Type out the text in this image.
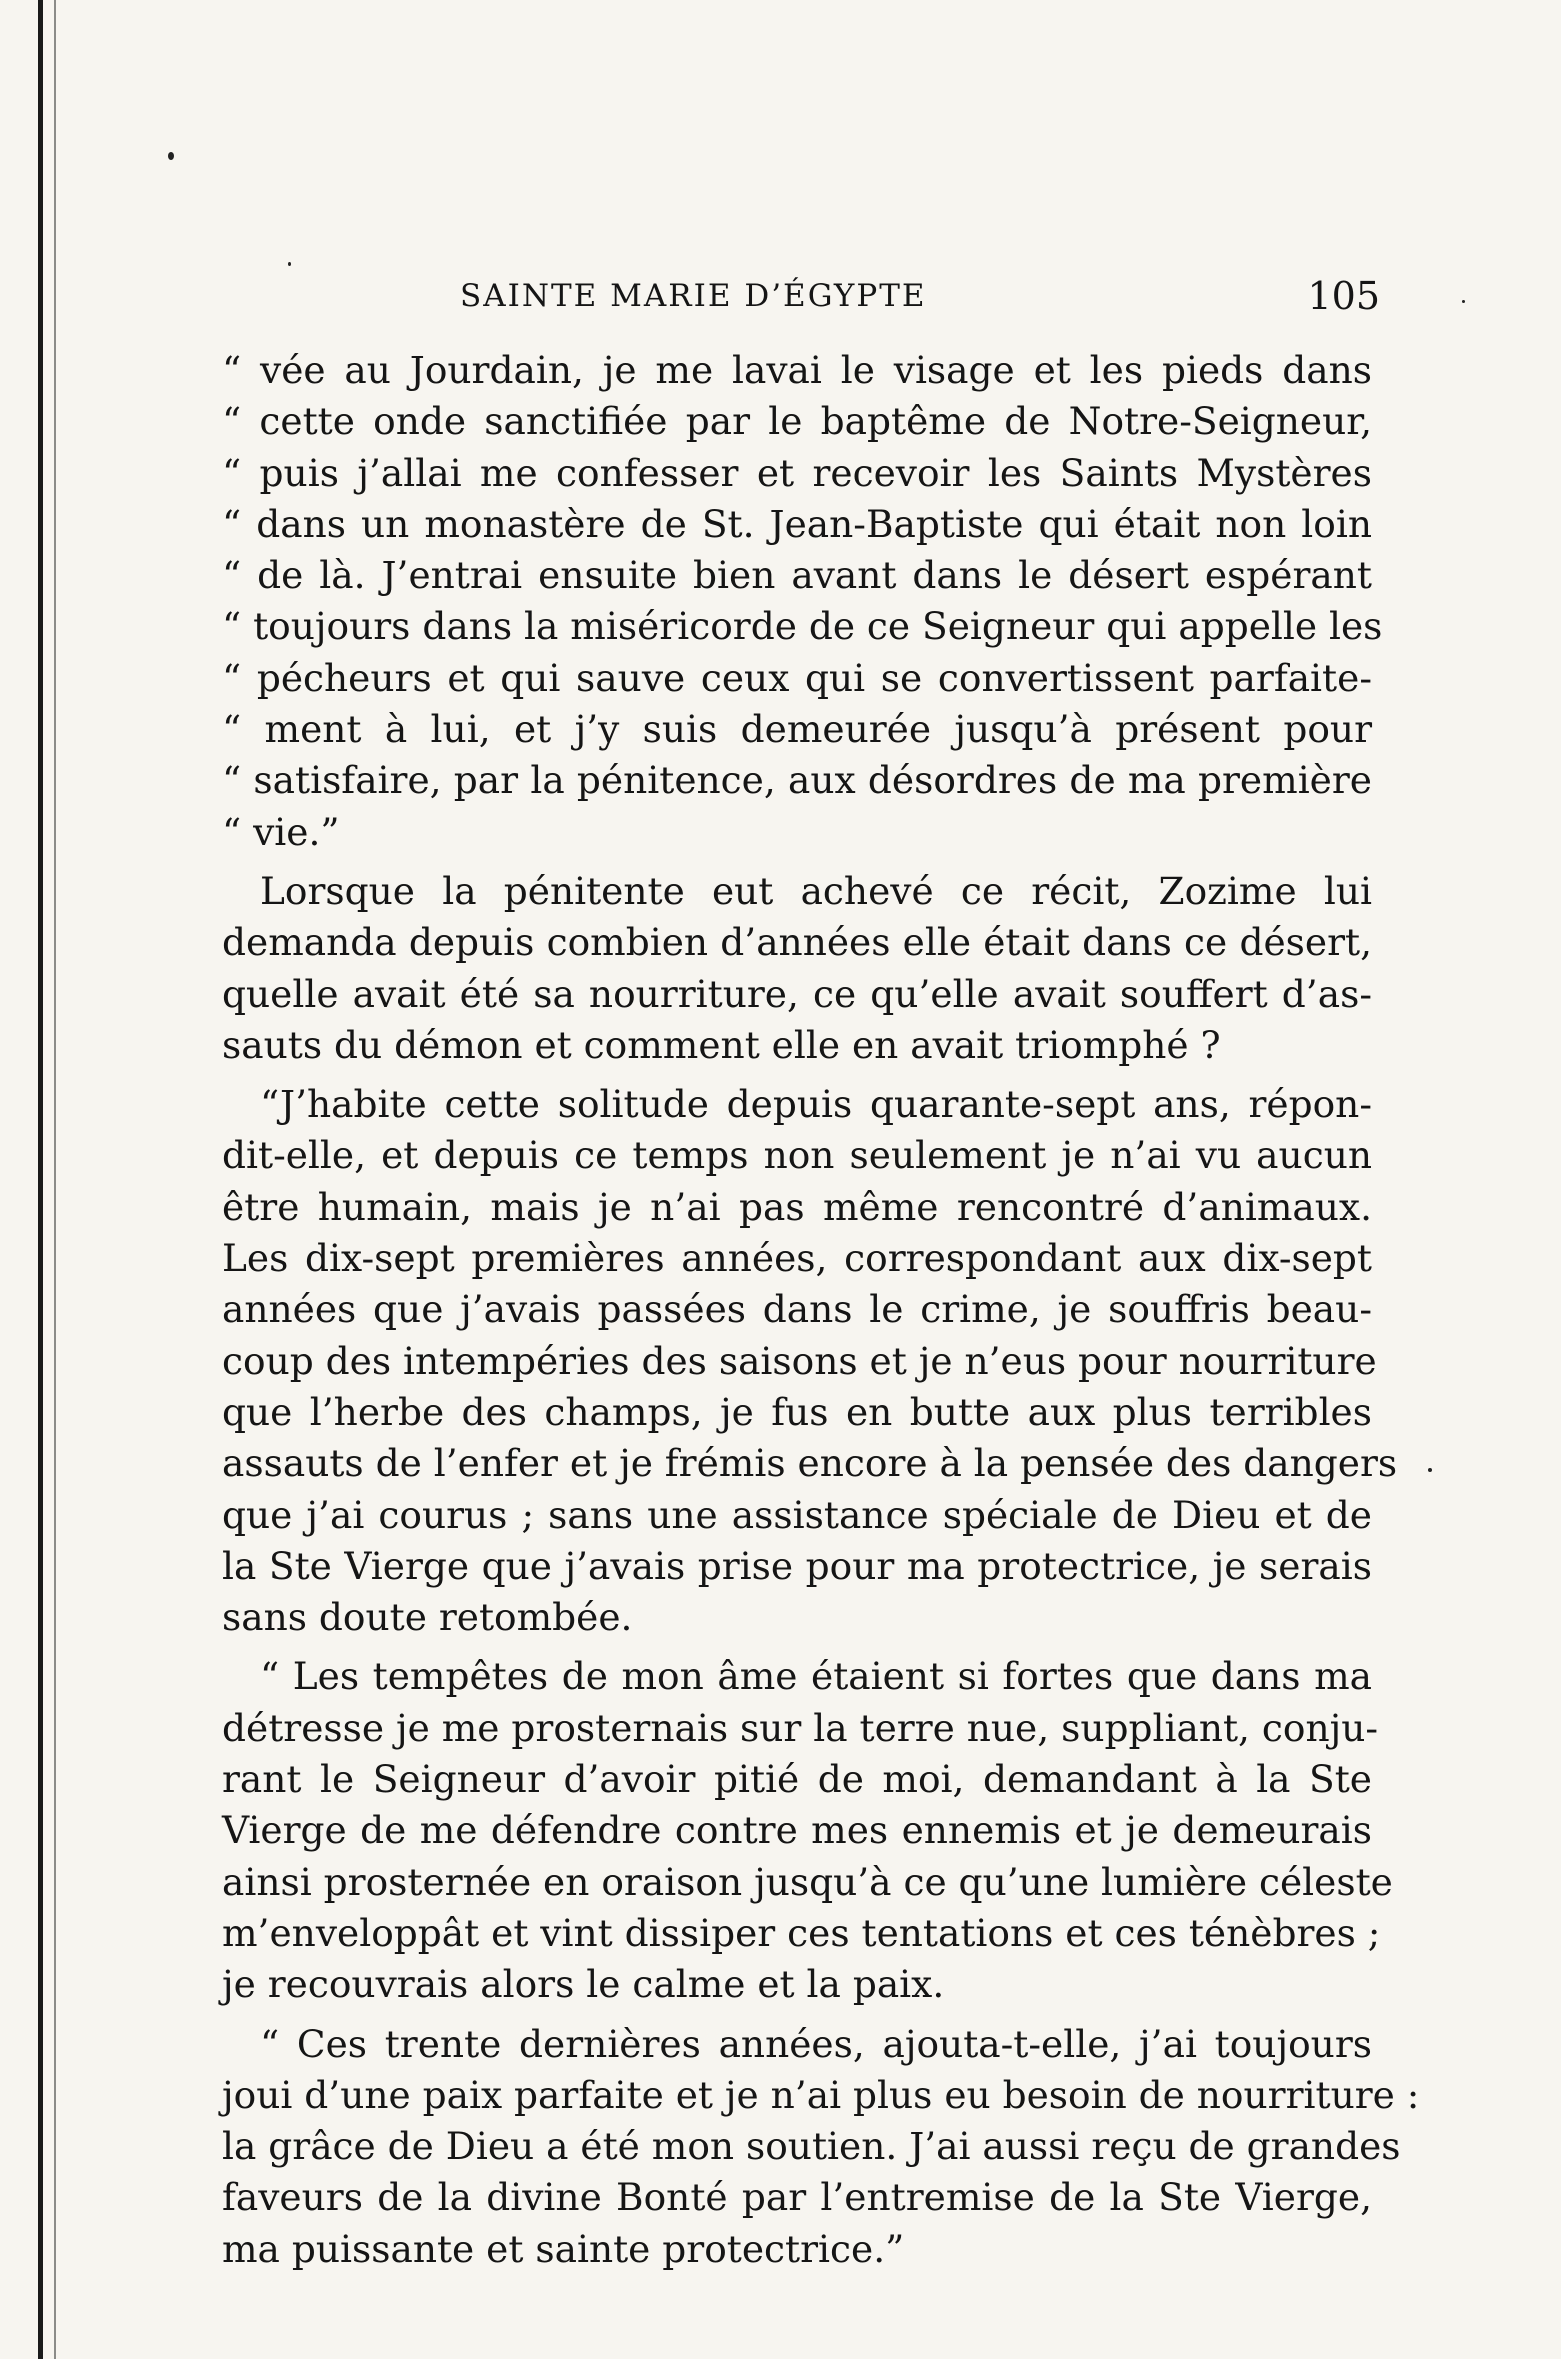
SAINTE MARIE D’ÉGYPTE	105
“ vée au Jourdain, je me lavai le visage et les pieds dans
“ cette onde sanctifiée par le baptême de Notre-Seigneur,
“ puis j’allai me confesser et recevoir les Saints Mystères
“ dans un monastère de St. Jean-Baptiste qui était non loin
“ de là. J’entrai ensuite bien avant dans le désert espérant
“ toujours dans la miséricorde de ce Seigneur qui appelle les
“ pécheurs et qui sauve ceux qui se convertissent parfaite-
“ ment à lui, et j’y suis demeurée jusqu’à présent pour
“ satisfaire, par la pénitence, aux désordres de ma première
“ vie.”
Lorsque la pénitente eut achevé ce récit, Zozime lui
demanda depuis combien d’années elle était dans ce désert,
quelle avait été sa nourriture, ce qu’elle avait souffert d’as-
sauts du démon et comment elle en avait triomphé ?
“J’habite cette solitude depuis quarante-sept ans, répon-
dit-elle, et depuis ce temps non seulement je n’ai vu aucun
être humain, mais je n’ai pas même rencontré d’animaux.
Les dix-sept premières années, correspondant aux dix-sept
années que j’avais passées dans le crime, je souffris beau-
coup des intempéries des saisons et je n’eus pour nourriture
que l’herbe des champs, je fus en butte aux plus terribles
assauts de l’enfer et je frémis encore à la pensée des dangers
que j’ai courus ; sans une assistance spéciale de Dieu et de
la Ste Vierge que j’avais prise pour ma protectrice, je serais
sans doute retombée.
“ Les tempêtes de mon âme étaient si fortes que dans ma
détresse je me prosternais sur la terre nue, suppliant, conju-
rant le Seigneur d’avoir pitié de moi, demandant à la Ste
Vierge de me défendre contre mes ennemis et je demeurais
ainsi prosternée en oraison jusqu’à ce qu’une lumière céleste
m’enveloppât et vint dissiper ces tentations et ces ténèbres ;
je recouvrais alors le calme et la paix.
“ Ces trente dernières années, ajouta-t-elle, j’ai toujours
joui d’une paix parfaite et je n’ai plus eu besoin de nourriture :
la grâce de Dieu a été mon soutien. J’ai aussi reçu de grandes
faveurs de la divine Bonté par l’entremise de la Ste Vierge,
ma puissante et sainte protectrice.”
